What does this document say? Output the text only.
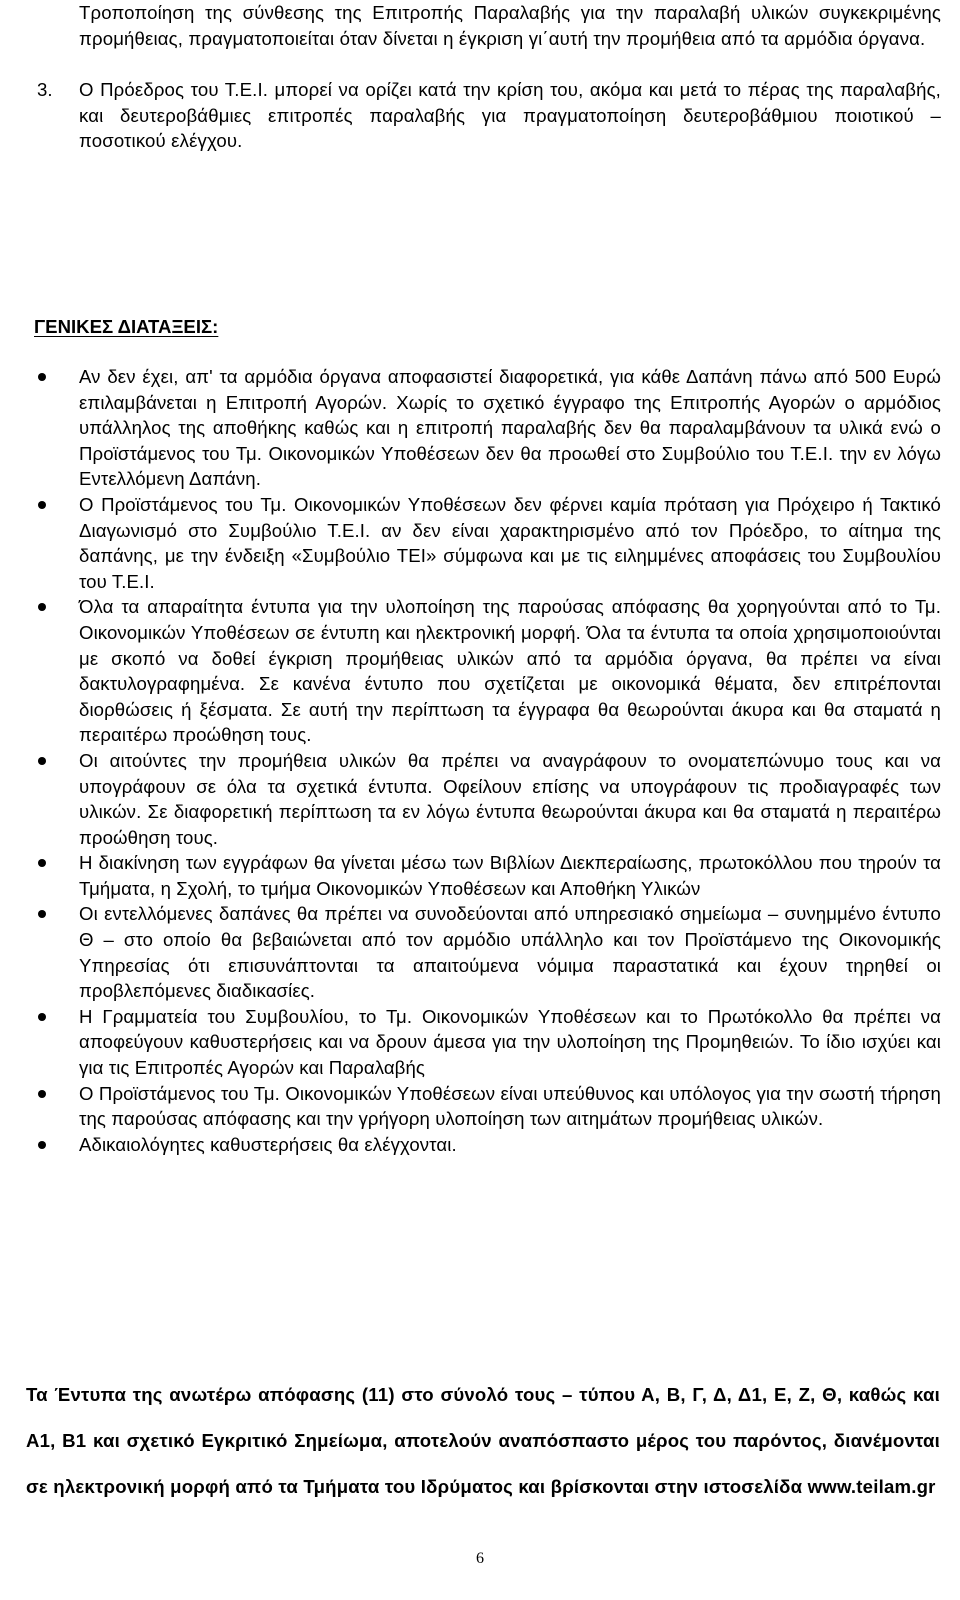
Τροποποίηση της σύνθεσης της Επιτροπής Παραλαβής για την παραλαβή υλικών συγκεκριμένης προμήθειας, πραγματοποιείται όταν δίνεται η έγκριση γι΄αυτή την προμήθεια από τα αρμόδια όργανα.
3. Ο Πρόεδρος του Τ.Ε.Ι. μπορεί να ορίζει κατά την κρίση του, ακόμα και μετά το πέρας της παραλαβής, και δευτεροβάθμιες επιτροπές παραλαβής για πραγματοποίηση δευτεροβάθμιου ποιοτικού – ποσοτικού ελέγχου.
ΓΕΝΙΚΕΣ ΔΙΑΤΑΞΕΙΣ:
Αν δεν έχει, απ' τα αρμόδια όργανα αποφασιστεί διαφορετικά, για κάθε Δαπάνη πάνω από 500 Ευρώ επιλαμβάνεται η Επιτροπή Αγορών. Χωρίς το σχετικό έγγραφο της Επιτροπής Αγορών ο αρμόδιος υπάλληλος της αποθήκης καθώς και η επιτροπή παραλαβής δεν θα παραλαμβάνουν τα υλικά ενώ ο Προϊστάμενος του Τμ. Οικονομικών Υποθέσεων δεν θα προωθεί στο Συμβούλιο του Τ.Ε.Ι. την εν λόγω Εντελλόμενη Δαπάνη.
Ο Προϊστάμενος του Τμ. Οικονομικών Υποθέσεων δεν φέρνει καμία πρόταση για Πρόχειρο ή Τακτικό Διαγωνισμό στο Συμβούλιο Τ.Ε.Ι. αν δεν είναι χαρακτηρισμένο από τον Πρόεδρο, το αίτημα της δαπάνης, με την ένδειξη «Συμβούλιο ΤΕΙ» σύμφωνα και με τις ειλημμένες αποφάσεις του Συμβουλίου του Τ.Ε.Ι.
Όλα τα απαραίτητα έντυπα για την υλοποίηση της παρούσας απόφασης θα χορηγούνται από το Τμ. Οικονομικών Υποθέσεων σε έντυπη και ηλεκτρονική μορφή. Όλα τα έντυπα τα οποία χρησιμοποιούνται με σκοπό να δοθεί έγκριση προμήθειας υλικών από τα αρμόδια όργανα, θα πρέπει να είναι δακτυλογραφημένα. Σε κανένα έντυπο που σχετίζεται με οικονομικά θέματα, δεν επιτρέπονται διορθώσεις ή ξέσματα. Σε αυτή την περίπτωση τα έγγραφα θα θεωρούνται άκυρα και θα σταματά η περαιτέρω προώθηση τους.
Οι αιτούντες την προμήθεια υλικών θα πρέπει να αναγράφουν το ονοματεπώνυμο τους και να υπογράφουν σε όλα τα σχετικά έντυπα. Οφείλουν επίσης να υπογράφουν τις προδιαγραφές των υλικών. Σε διαφορετική περίπτωση τα εν λόγω έντυπα θεωρούνται άκυρα και θα σταματά η περαιτέρω προώθηση τους.
Η διακίνηση των εγγράφων θα γίνεται μέσω των Βιβλίων Διεκπεραίωσης, πρωτοκόλλου που τηρούν τα Τμήματα, η Σχολή, το τμήμα Οικονομικών Υποθέσεων και Αποθήκη Υλικών
Οι εντελλόμενες δαπάνες θα πρέπει να συνοδεύονται από υπηρεσιακό σημείωμα – συνημμένο έντυπο Θ – στο οποίο θα βεβαιώνεται από τον αρμόδιο υπάλληλο και τον Προϊστάμενο της Οικονομικής Υπηρεσίας ότι επισυνάπτονται τα απαιτούμενα νόμιμα παραστατικά και έχουν τηρηθεί οι προβλεπόμενες διαδικασίες.
Η Γραμματεία του Συμβουλίου, το Τμ. Οικονομικών Υποθέσεων και το Πρωτόκολλο θα πρέπει να αποφεύγουν καθυστερήσεις και να δρουν άμεσα για την υλοποίηση της Προμηθειών. Το ίδιο ισχύει και για τις Επιτροπές Αγορών και Παραλαβής
Ο Προϊστάμενος του Τμ. Οικονομικών Υποθέσεων είναι υπεύθυνος και υπόλογος για την σωστή τήρηση της παρούσας απόφασης και την γρήγορη υλοποίηση των αιτημάτων προμήθειας υλικών.
Αδικαιολόγητες καθυστερήσεις θα ελέγχονται.
Τα Έντυπα της ανωτέρω απόφασης (11) στο σύνολό τους – τύπου Α, Β, Γ, Δ, Δ1, Ε, Ζ, Θ, καθώς και Α1, Β1 και σχετικό Εγκριτικό Σημείωμα, αποτελούν αναπόσπαστο μέρος του παρόντος, διανέμονται σε ηλεκτρονική μορφή από τα Τμήματα του Ιδρύματος και βρίσκονται στην ιστοσελίδα www.teilam.gr
6
